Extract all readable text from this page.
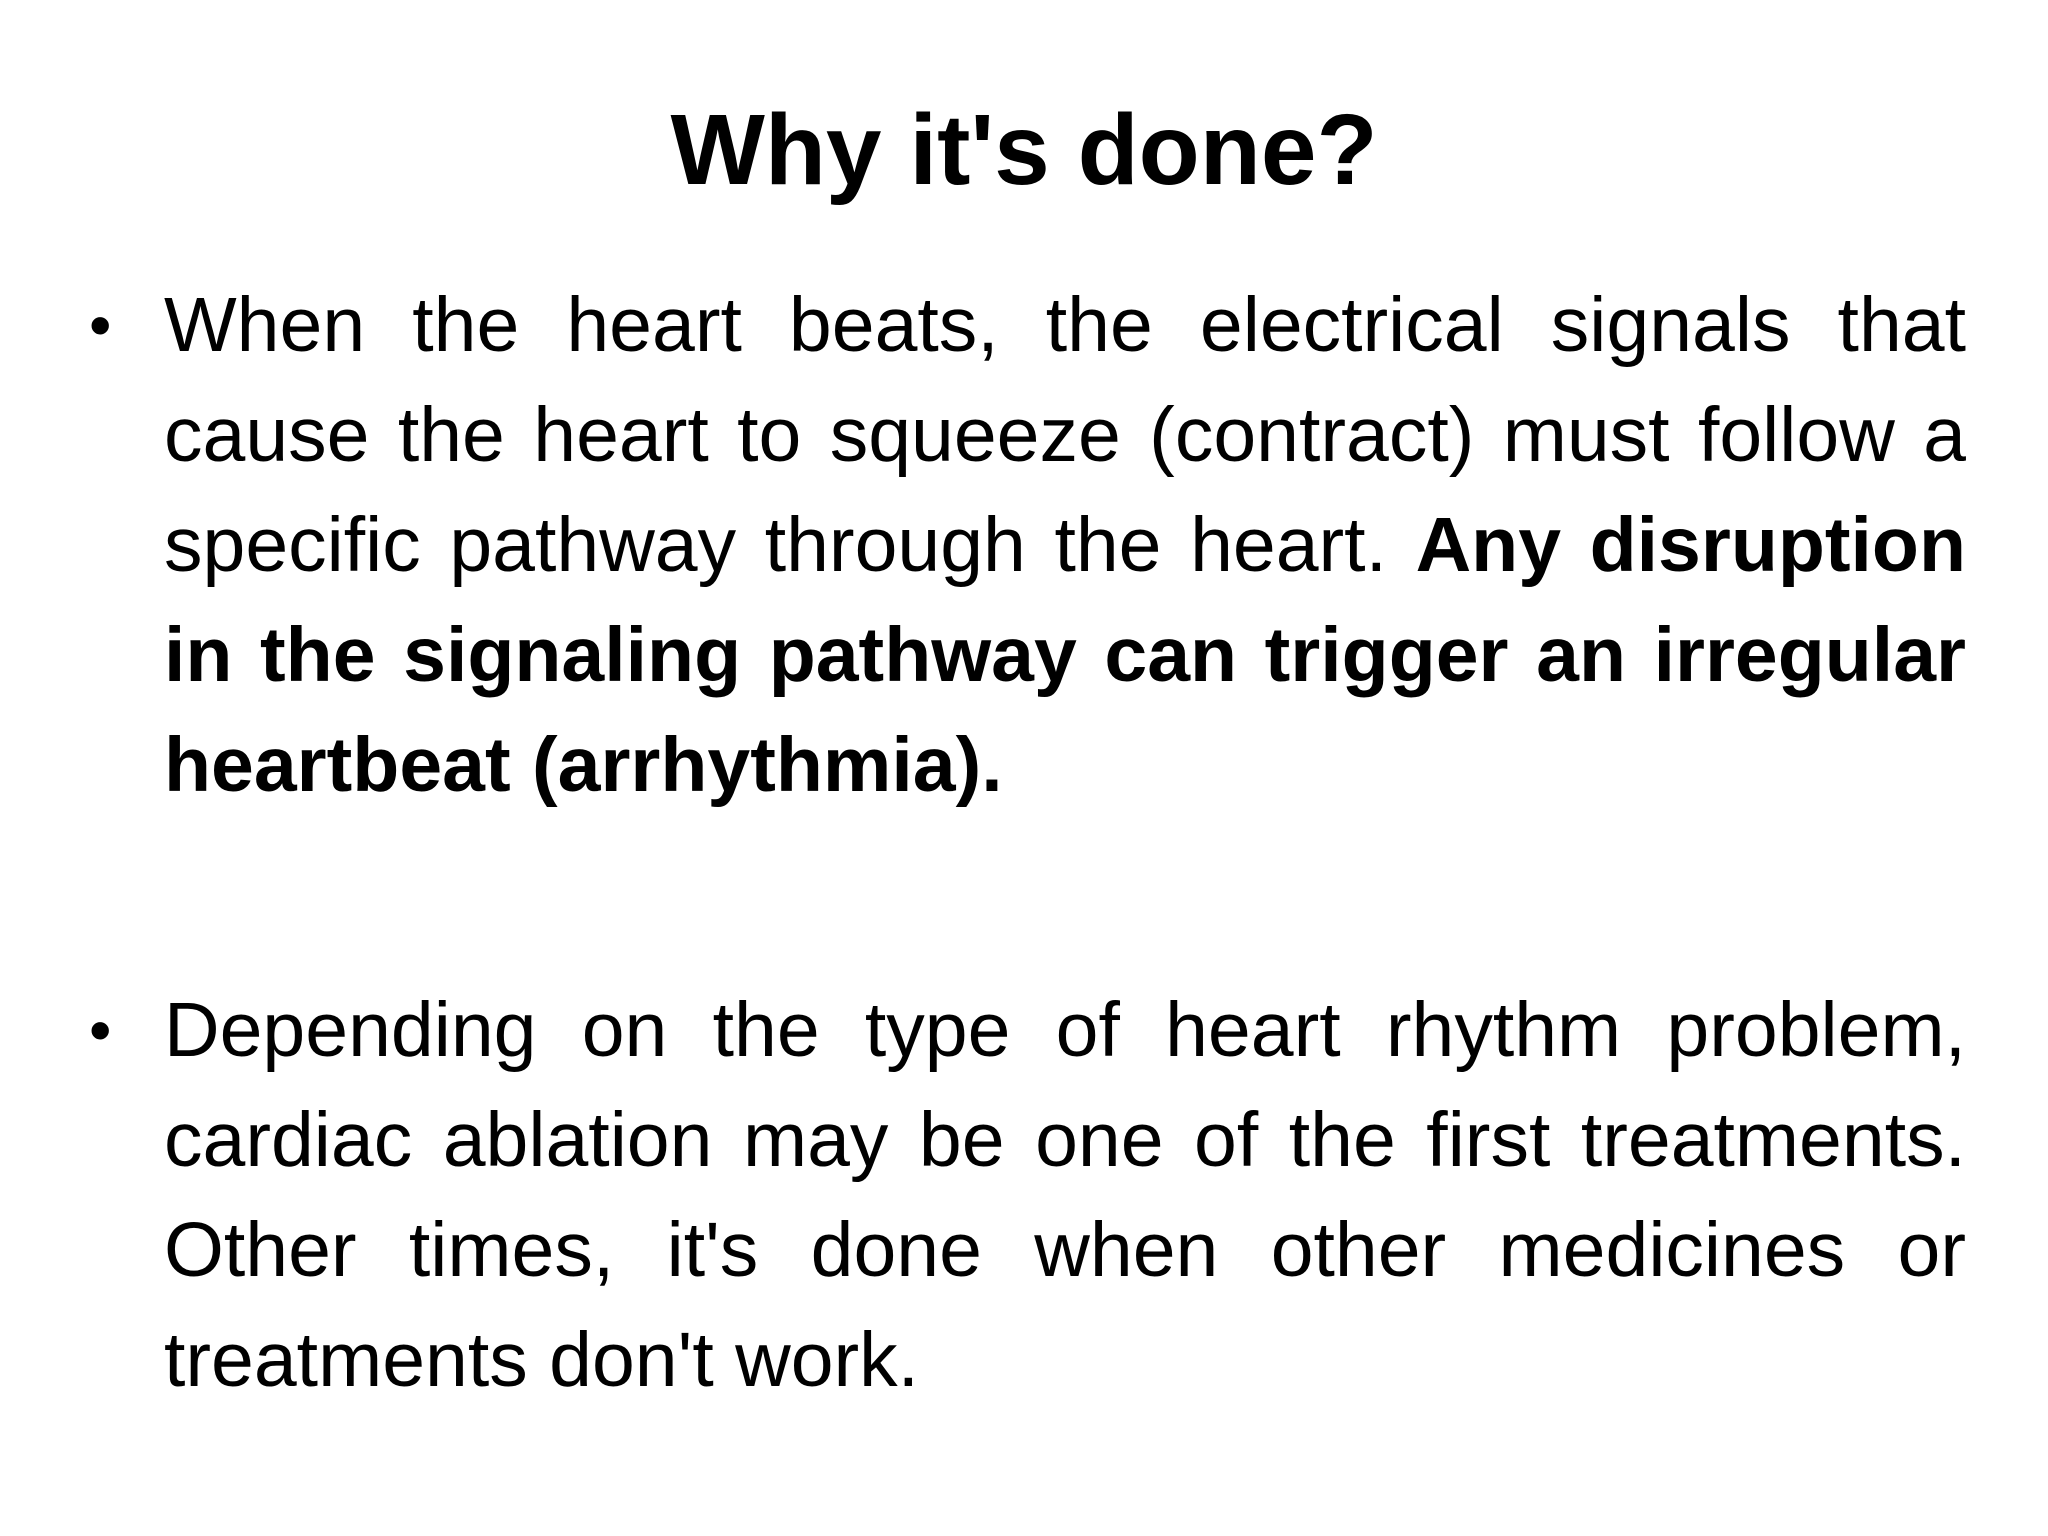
Why it's done?
• When the heart beats, the electrical signals that cause the heart to squeeze (contract) must follow a specific pathway through the heart. Any disruption in the signaling pathway can trigger an irregular heartbeat (arrhythmia).
• Depending on the type of heart rhythm problem, cardiac ablation may be one of the first treatments. Other times, it's done when other medicines or treatments don't work.
